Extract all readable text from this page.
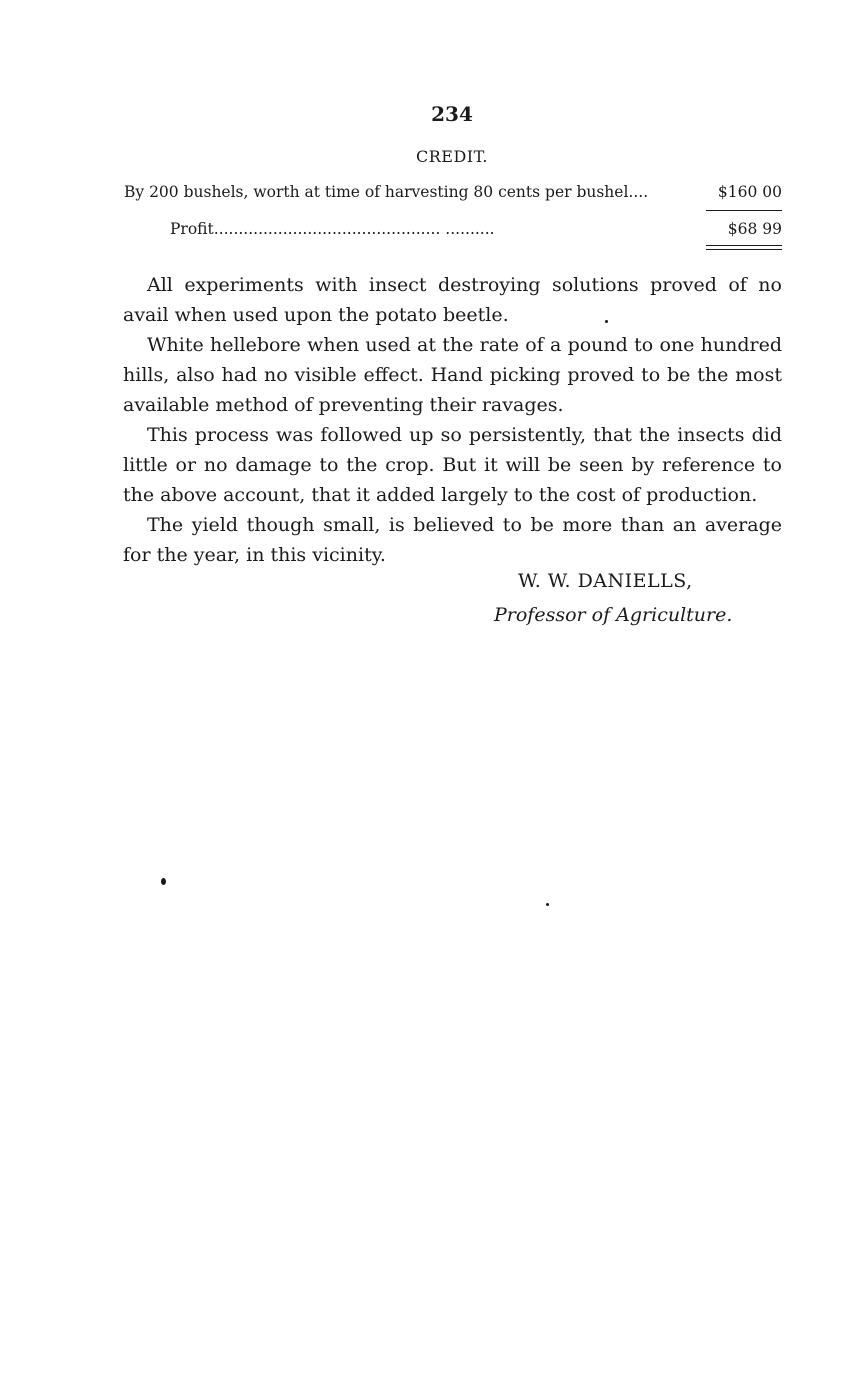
234
CREDIT.
By 200 bushels, worth at time of harvesting 80 cents per bushel....	$160 00
Profit.............................................. ..........	$68 99

All experiments with insect destroying solutions proved of no avail when used upon the potato beetle.

White hellebore when used at the rate of a pound to one hundred hills, also had no visible effect. Hand picking proved to be the most available method of preventing their ravages.

This process was followed up so persistently, that the insects did little or no damage to the crop. But it will be seen by reference to the above account, that it added largely to the cost of production.

The yield though small, is believed to be more than an average for the year, in this vicinity.

W. W. DANIELLS,
Professor of Agriculture.
